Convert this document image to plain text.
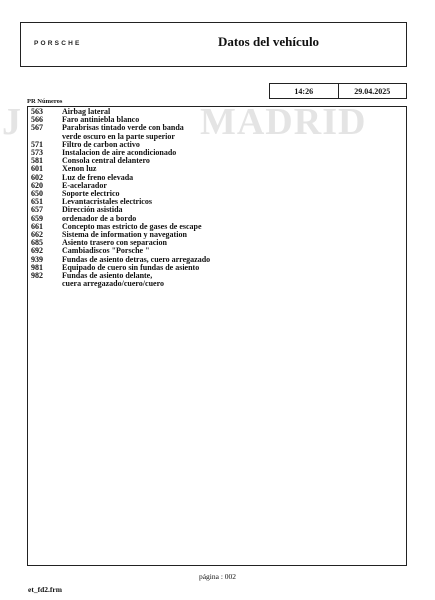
PORSCHE	Datos del vehículo
14:26	29.04.2025
PR Números
J	MADRID
563	Airbag lateral
566	Faro antiniebla blanco
567	Parabrisas tintado verde con banda
verde oscuro en la parte superior
571	Filtro de carbon activo
573	Instalacion de aire acondicionado
581	Consola central delantero
601	Xenon luz
602	Luz de freno elevada
620	E-acelarador
650	Soporte electrico
651	Levantacristales electricos
657	Dirección asistida
659	ordenador de a bordo
661	Concepto mas estricto de gases de escape
662	Sistema de information y navegation
685	Asiento trasero con separacion
692	Cambiadiscos "Porsche "
939	Fundas de asiento detras, cuero arregazado
981	Equipado de cuero sin fundas de asiento
982	Fundas de asiento delante,
cuera arregazado/cuero/cuero
página : 002
et_fd2.frm
